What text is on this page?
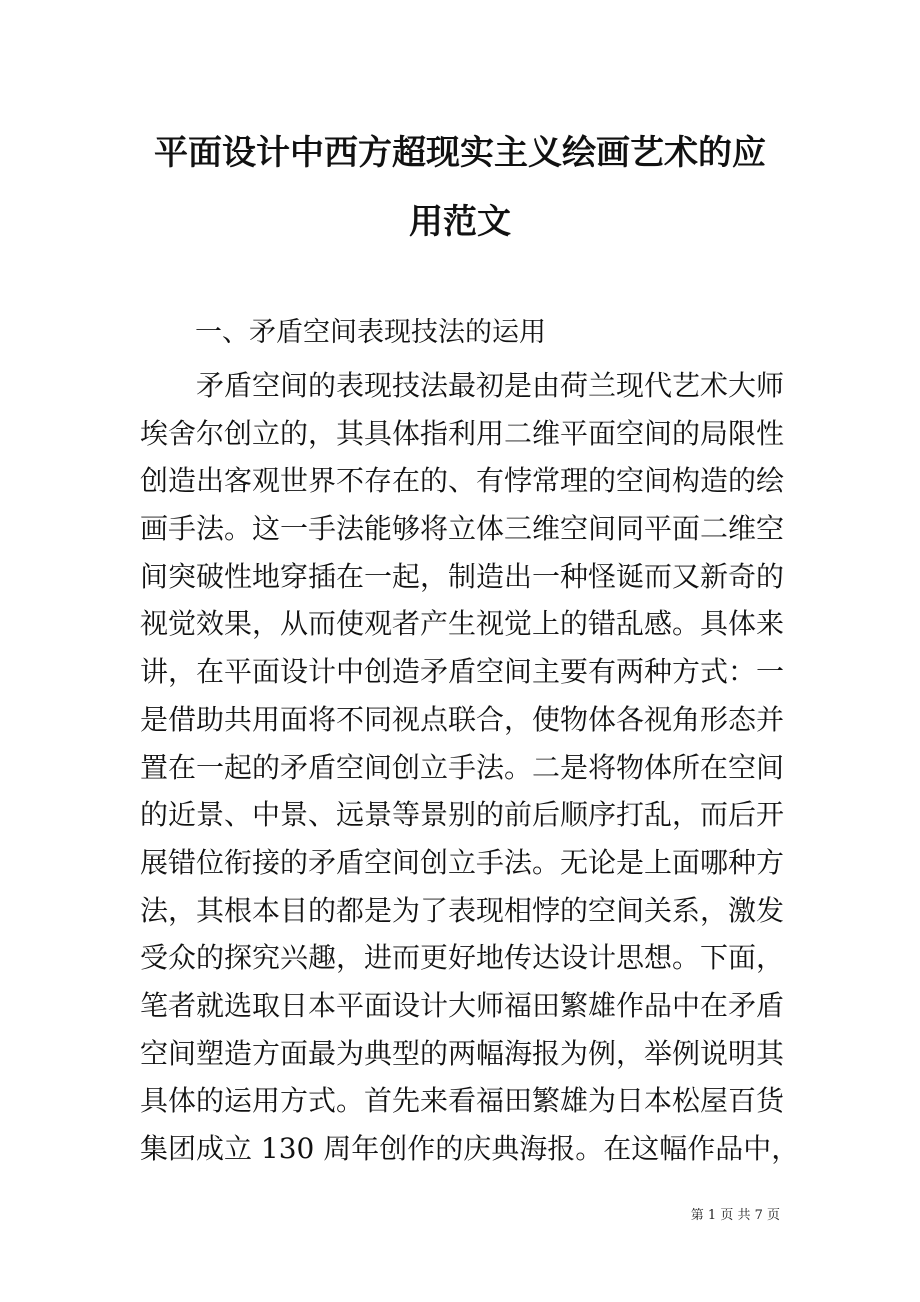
平面设计中西方超现实主义绘画艺术的应
用范文
一、矛盾空间表现技法的运用
矛盾空间的表现技法最初是由荷兰现代艺术大师
埃舍尔创立的，其具体指利用二维平面空间的局限性
创造出客观世界不存在的、有悖常理的空间构造的绘
画手法。这一手法能够将立体三维空间同平面二维空
间突破性地穿插在一起，制造出一种怪诞而又新奇的
视觉效果，从而使观者产生视觉上的错乱感。具体来
讲，在平面设计中创造矛盾空间主要有两种方式：一
是借助共用面将不同视点联合，使物体各视角形态并
置在一起的矛盾空间创立手法。二是将物体所在空间
的近景、中景、远景等景别的前后顺序打乱，而后开
展错位衔接的矛盾空间创立手法。无论是上面哪种方
法，其根本目的都是为了表现相悖的空间关系，激发
受众的探究兴趣，进而更好地传达设计思想。下面，
笔者就选取日本平面设计大师福田繁雄作品中在矛盾
空间塑造方面最为典型的两幅海报为例，举例说明其
具体的运用方式。首先来看福田繁雄为日本松屋百货
集团成立 130 周年创作的庆典海报。在这幅作品中，
第 1 页 共 7 页
